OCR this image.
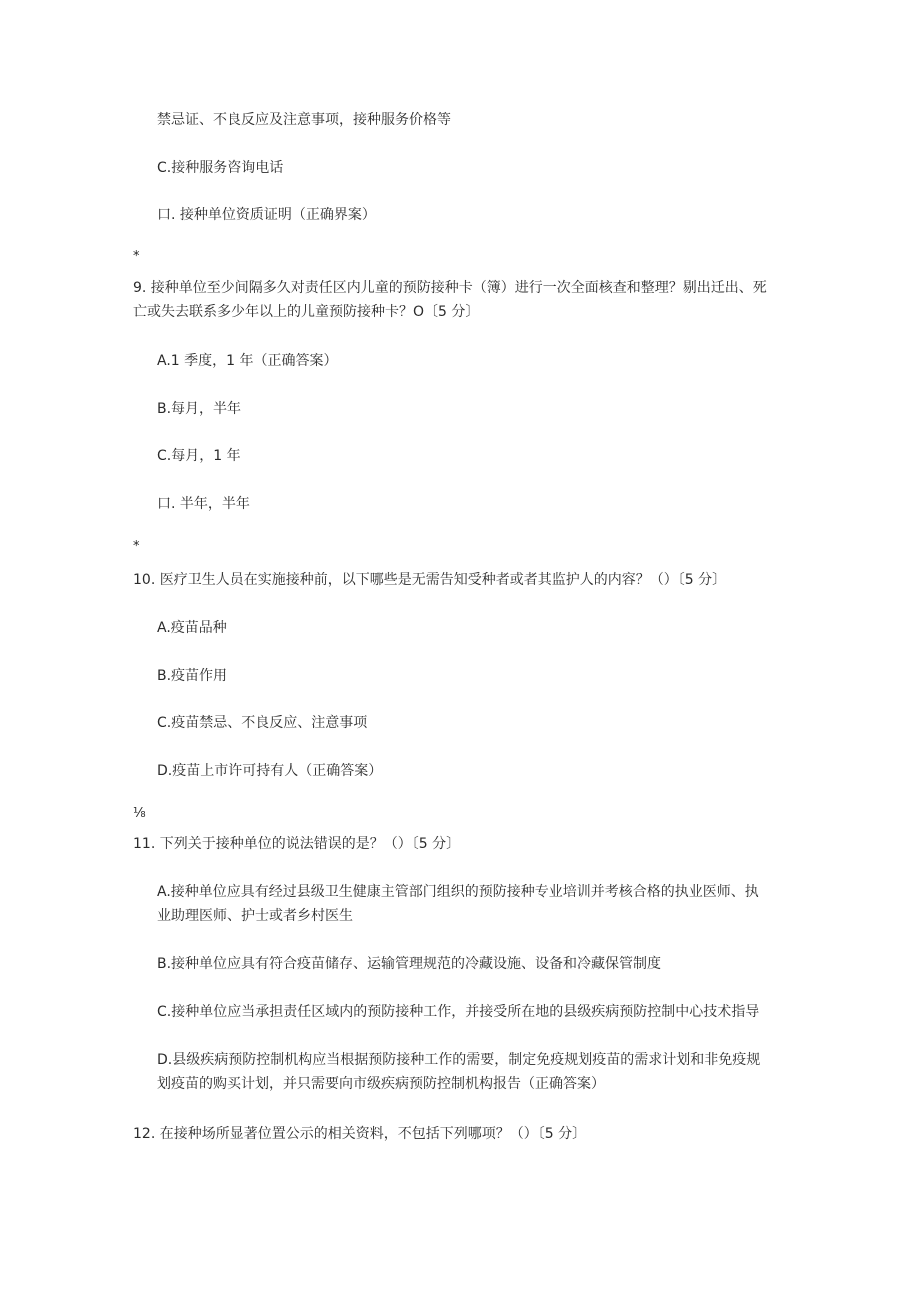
禁忌证、不良反应及注意事项，接种服务价格等
C.接种服务咨询电话
口. 接种单位资质证明（正确界案）
*
9. 接种单位至少间隔多久对责任区内儿童的预防接种卡（簿）进行一次全面核查和整理？剔出迁出、死
亡或失去联系多少年以上的儿童预防接种卡？O〔5 分〕
A.1 季度，1 年（正确答案）
B.每月，半年
C.每月，1 年
口. 半年，半年
*
10. 医疗卫生人员在实施接种前，以下哪些是无需告知受种者或者其监护人的内容？（）〔5 分〕
A.疫苗品种
B.疫苗作用
C.疫苗禁忌、不良反应、注意事项
D.疫苗上市许可持有人（正确答案）
⅛
11. 下列关于接种单位的说法错误的是？（）〔5 分〕
A.接种单位应具有经过县级卫生健康主管部门组织的预防接种专业培训并考核合格的执业医师、执
业助理医师、护士或者乡村医生
B.接种单位应具有符合疫苗储存、运输管理规范的冷藏设施、设备和冷藏保管制度
C.接种单位应当承担责任区域内的预防接种工作，并接受所在地的县级疾病预防控制中心技术指导
D.县级疾病预防控制机构应当根据预防接种工作的需要，制定免疫规划疫苗的需求计划和非免疫规
划疫苗的购买计划，并只需要向市级疾病预防控制机构报告（正确答案）
12. 在接种场所显著位置公示的相关资料，不包括下列哪项？（）〔5 分〕
